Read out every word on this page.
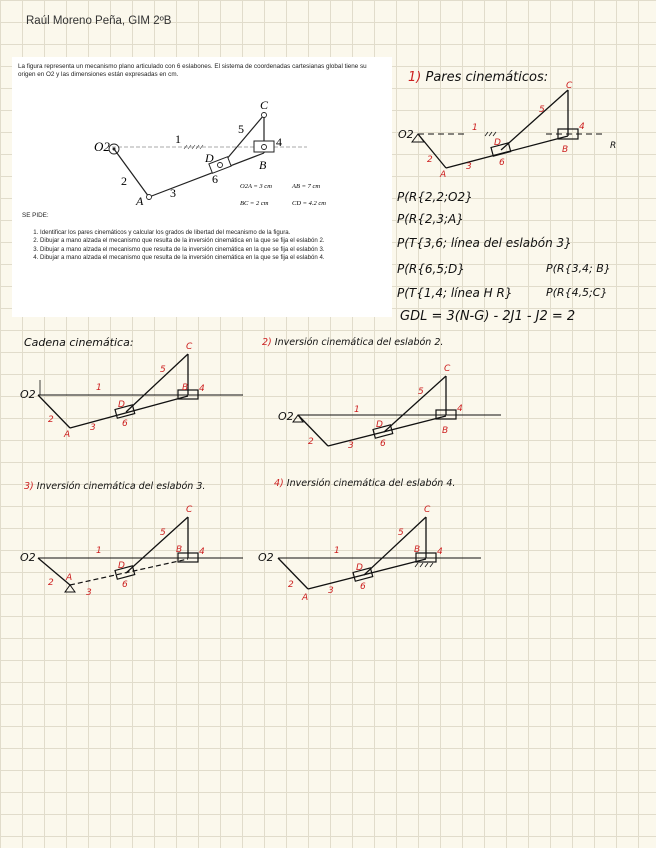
Raúl Moreno Peña, GIM 2ºB

La figura representa un mecanismo plano articulado con 6 eslabones. El sistema de coordenadas cartesianas global tiene su origen en O2 y las dimensiones están expresadas en cm.

O2
A
B
C
D
1
2
3
4
5
6
O2A = 3 cm	AB = 7 cm
BC = 2 cm	CD = 4.2 cm
SE PIDE:
1. Identificar los pares cinemáticos y calcular los grados de libertad del mecanismo de la figura.
2. Dibujar a mano alzada el mecanismo que resulta de la inversión cinemática en la que se fija el eslabón 2.
3. Dibujar a mano alzada el mecanismo que resulta de la inversión cinemática en la que se fija el eslabón 3.
4. Dibujar a mano alzada el mecanismo que resulta de la inversión cinemática en la que se fija el eslabón 4.
1) Pares cinemáticos:
O2
A
B
C
D	R
1
2
3
4
5
6
P(R{2,2;O2}
P(R{2,3;A}
P(T{3,6; línea del eslabón 3}
P(R{6,5;D}
P(T{1,4; línea H R}
P(R{3,4; B}
P(R{4,5;C}
GDL = 3(N-G) - 2J1 - J2 = 2
Cadena cinemática:
O2
A
B
C
D
1
2
3
4
5
6
2) Inversión cinemática del eslabón 2.
O2
B
C
D
1
2	3
4
5
6
3) Inversión cinemática del eslabón 3.
O2
A
B
C
D
1
2
3
4
5
6
4) Inversión cinemática del eslabón 4.
O2
A
B
C
D
1
2
3
4
5
6
